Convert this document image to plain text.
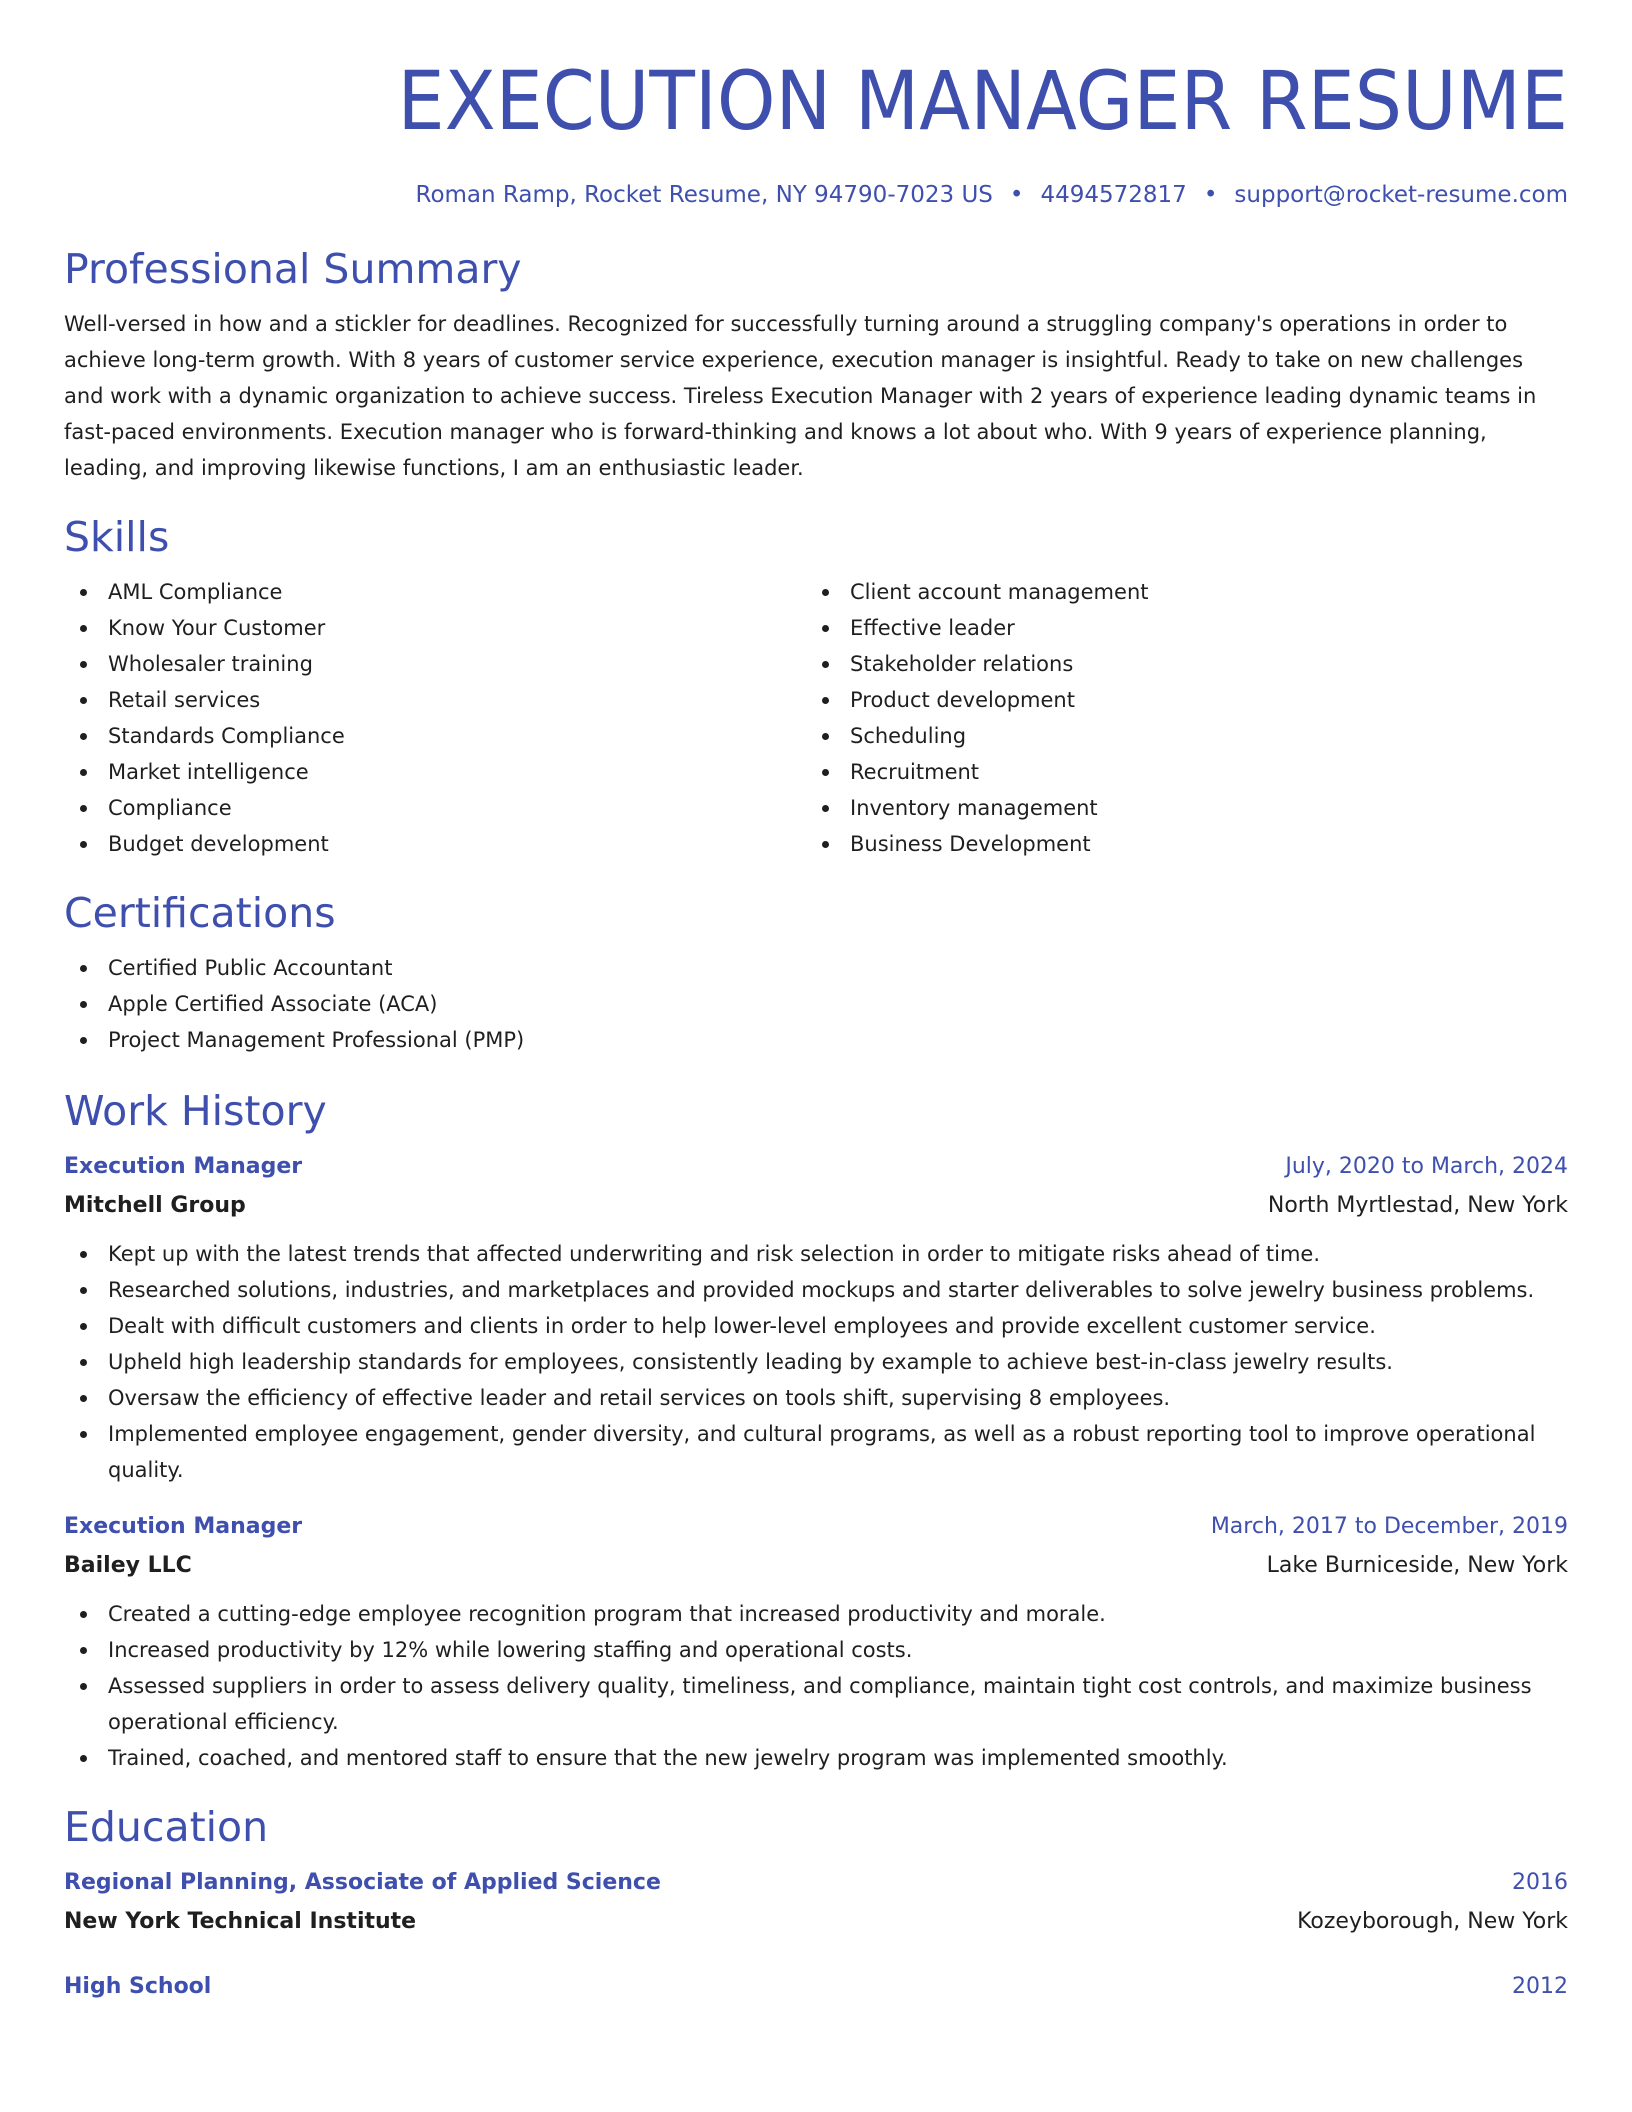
EXECUTION MANAGER RESUME
Roman Ramp, Rocket Resume, NY 94790-7023 US • 4494572817 • support@rocket-resume.com
Professional Summary

Well-versed in how and a stickler for deadlines. Recognized for successfully turning around a struggling company's operations in order to achieve long-term growth. With 8 years of customer service experience, execution manager is insightful. Ready to take on new challenges and work with a dynamic organization to achieve success. Tireless Execution Manager with 2 years of experience leading dynamic teams in fast-paced environments. Execution manager who is forward-thinking and knows a lot about who. With 9 years of experience planning, leading, and improving likewise functions, I am an enthusiastic leader.

Skills
AML Compliance
Know Your Customer
Wholesaler training
Retail services
Standards Compliance
Market intelligence
Compliance
Budget development
Client account management
Effective leader
Stakeholder relations
Product development
Scheduling
Recruitment
Inventory management
Business Development
Certifications
Certified Public Accountant
Apple Certified Associate (ACA)
Project Management Professional (PMP)
Work History
Execution Manager	July, 2020 to March, 2024
Mitchell Group	North Myrtlestad, New York
Kept up with the latest trends that affected underwriting and risk selection in order to mitigate risks ahead of time.
Researched solutions, industries, and marketplaces and provided mockups and starter deliverables to solve jewelry business problems.
Dealt with difficult customers and clients in order to help lower-level employees and provide excellent customer service.
Upheld high leadership standards for employees, consistently leading by example to achieve best-in-class jewelry results.
Oversaw the efficiency of effective leader and retail services on tools shift, supervising 8 employees.
Implemented employee engagement, gender diversity, and cultural programs, as well as a robust reporting tool to improve operational quality.
Execution Manager	March, 2017 to December, 2019
Bailey LLC	Lake Burniceside, New York
Created a cutting-edge employee recognition program that increased productivity and morale.
Increased productivity by 12% while lowering staffing and operational costs.
Assessed suppliers in order to assess delivery quality, timeliness, and compliance, maintain tight cost controls, and maximize business operational efficiency.
Trained, coached, and mentored staff to ensure that the new jewelry program was implemented smoothly.
Education
Regional Planning, Associate of Applied Science	2016
New York Technical Institute	Kozeyborough, New York
High School	2012
